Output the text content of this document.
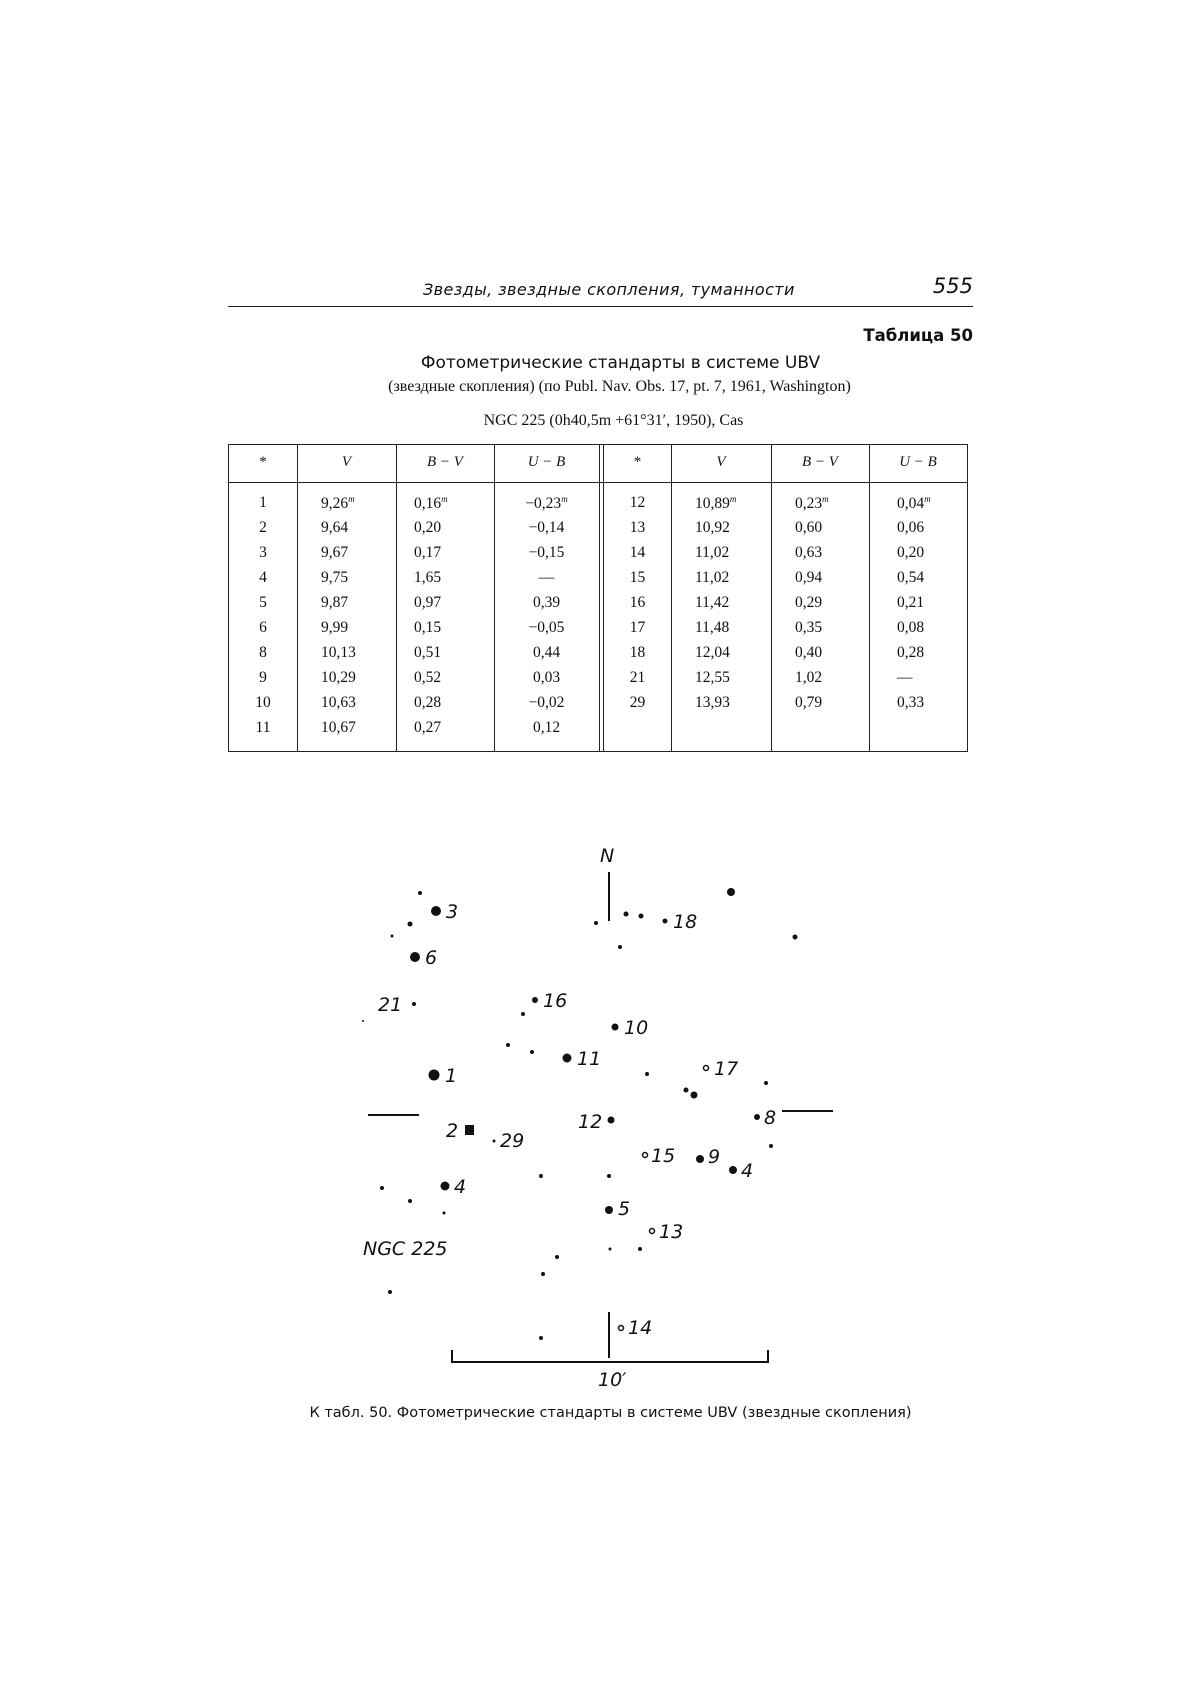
Звезды, звездные скопления, туманности	555
Таблица 50
Фотометрические стандарты в системе UBV
(звездные скопления) (по Publ. Nav. Obs. 17, pt. 7, 1961, Washington)
NGC 225 (0h40,5m +61°31′, 1950), Cas
*	V	B − V	U − B	*	V	B − V	U − B
1	9,26$^m$	$0,16^m$	$-0,23^m$
2	9,64	0,20	−0,14
3	9,67	0,17	−0,15
4	9,75	1,65	—
5	9,87	0,97	0,39
6	9,99	0,15	−0,05
8	10,13	0,51	0,44
9	10,29	0,52	0,03
10	10,63	0,28	−0,02
11	10,67	0,27	0,12
12	10,89$^m$	0,23$^m$	0,04$^m$
13	10,92	0,60	0,06
14	11,02	0,63	0,20
15	11,02	0,94	0,54
16	11,42	0,29	0,21
17	11,48	0,35	0,08
18	12,04	0,40	0,28
21	12,55	1,02	—
29	13,93	0,79	0,33
N
10′
NGC 225
3
6
21	16
10
11	17
1
2 29
12	8
15 9
4
4
5
13
14
18
К табл. 50. Фотометрические стандарты в системе UBV (звездные скопления)
